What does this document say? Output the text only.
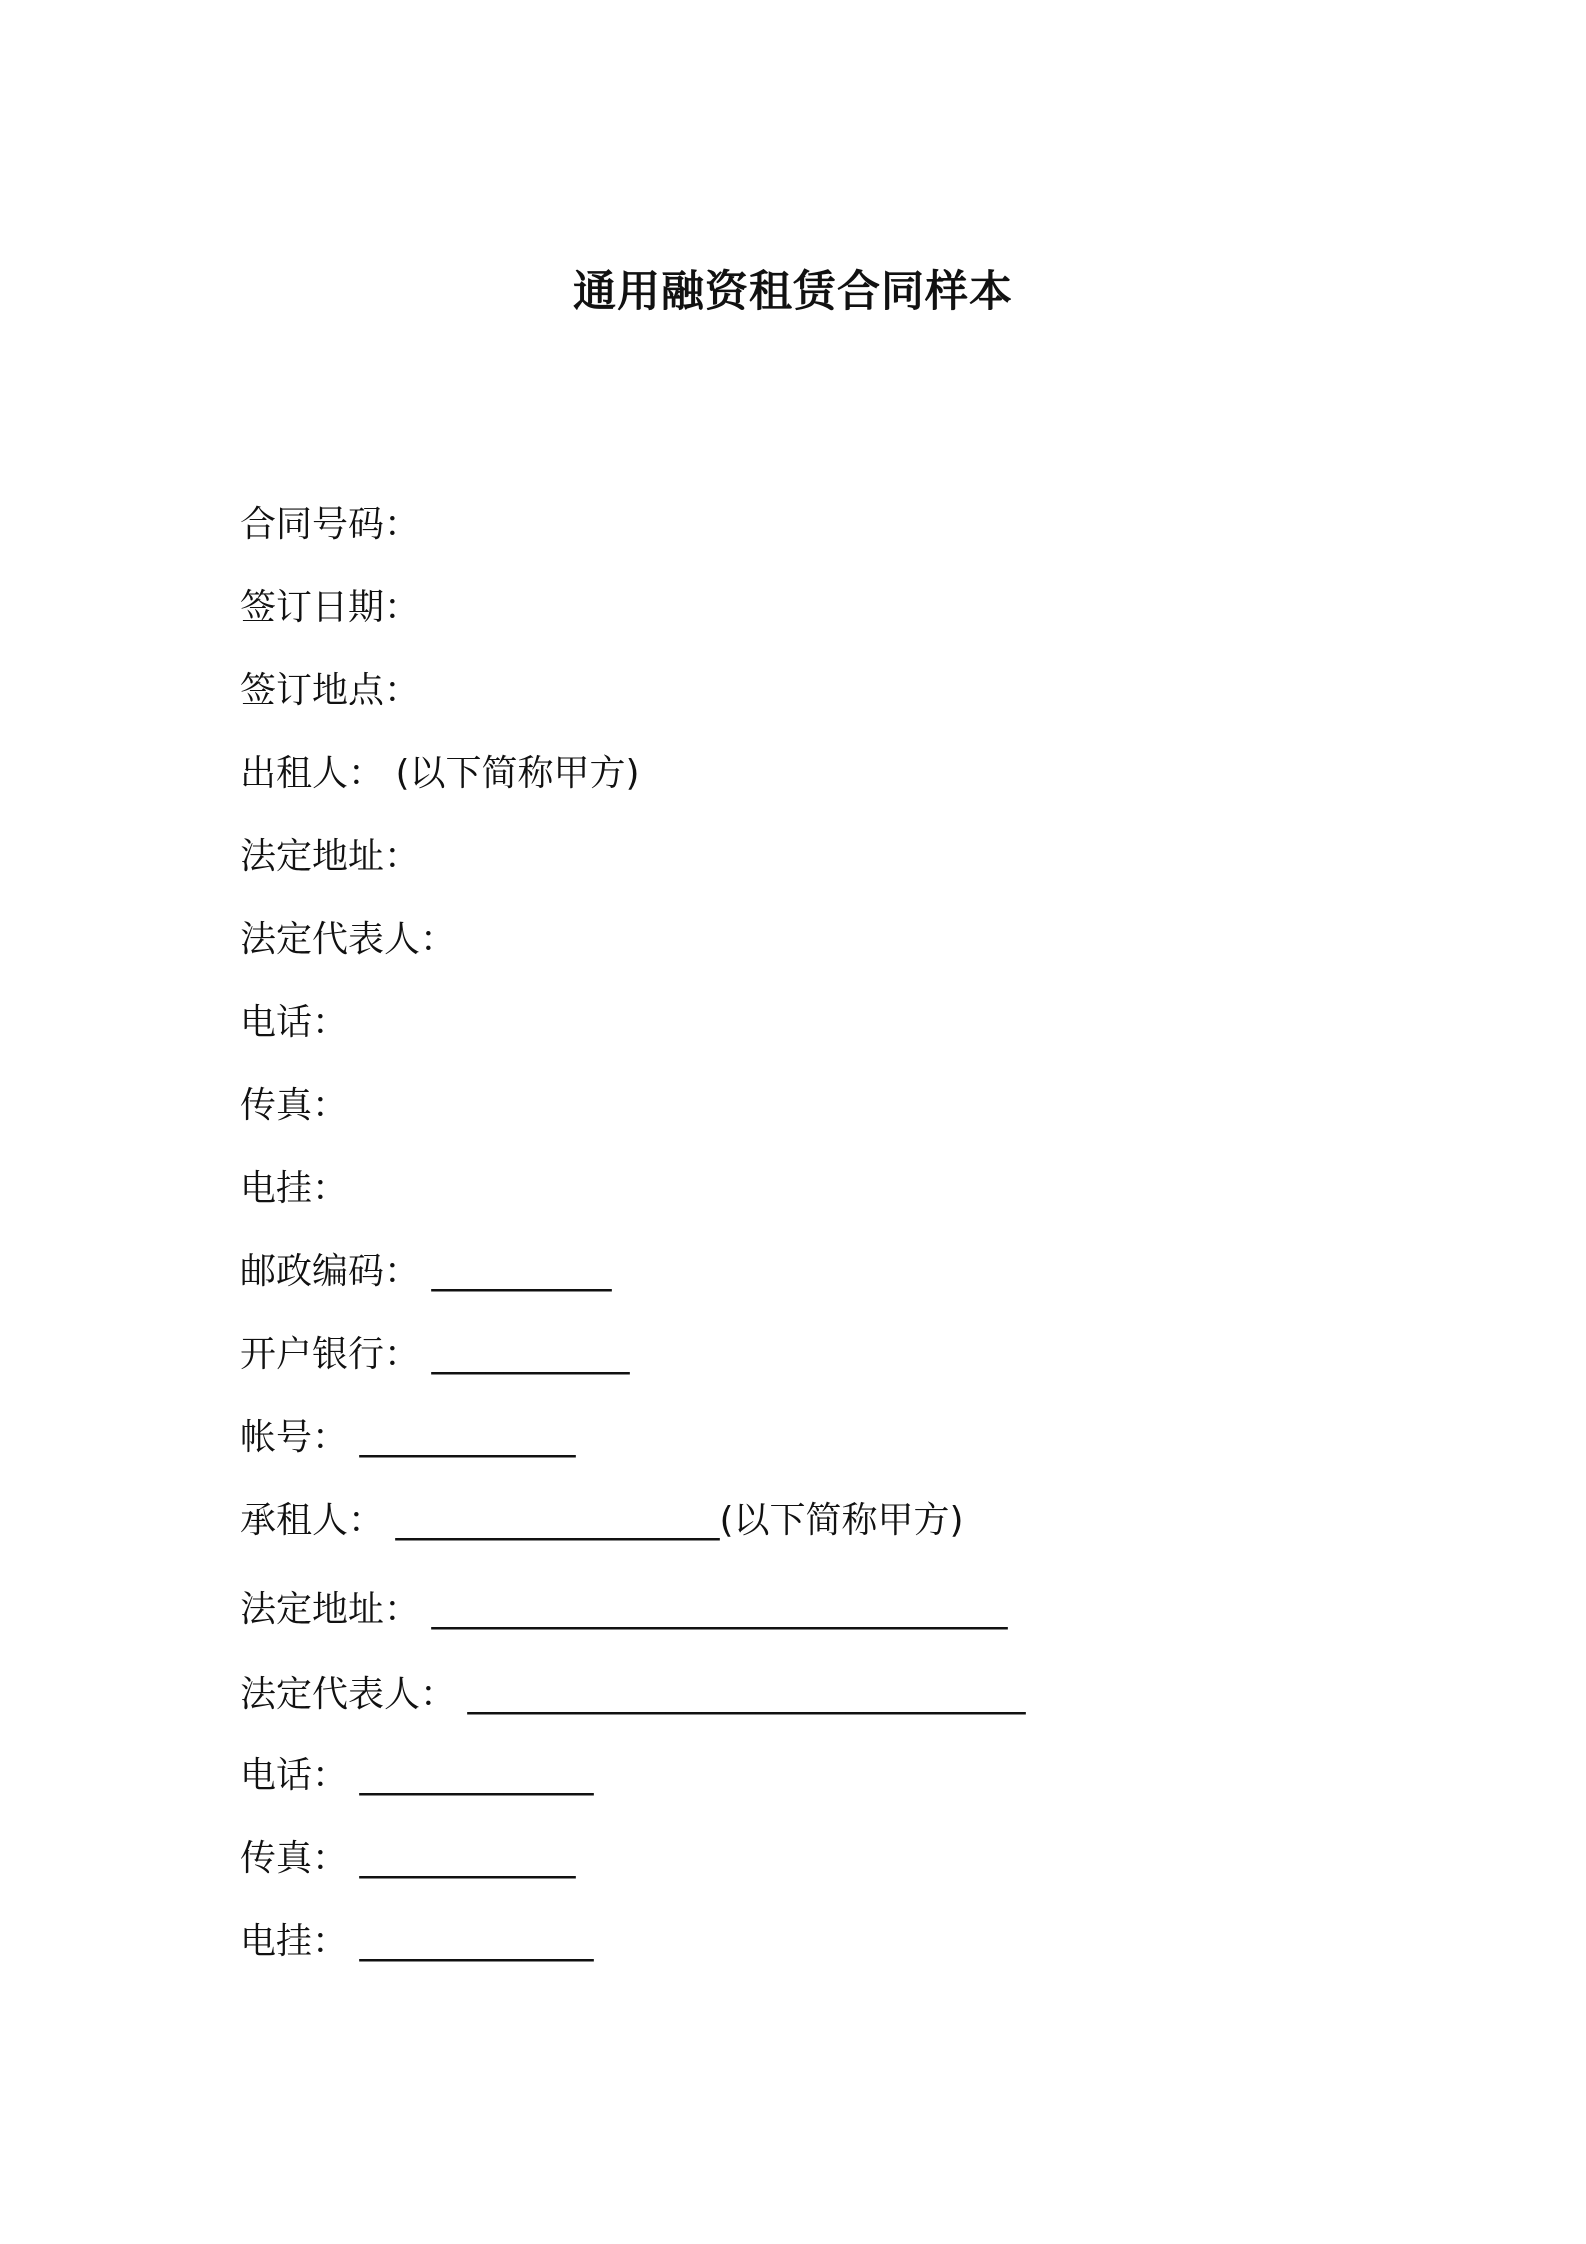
通用融资租赁合同样本
合同号码：
签订日期：
签订地点：
出租人： (以下简称甲方)
法定地址：
法定代表人：
电话：
传真：
电挂：
邮政编码： __________
开户银行： ___________
帐号： ____________
承租人： __________________(以下简称甲方)
法定地址： ________________________________
法定代表人： _______________________________
电话： _____________
传真： ____________
电挂： _____________
